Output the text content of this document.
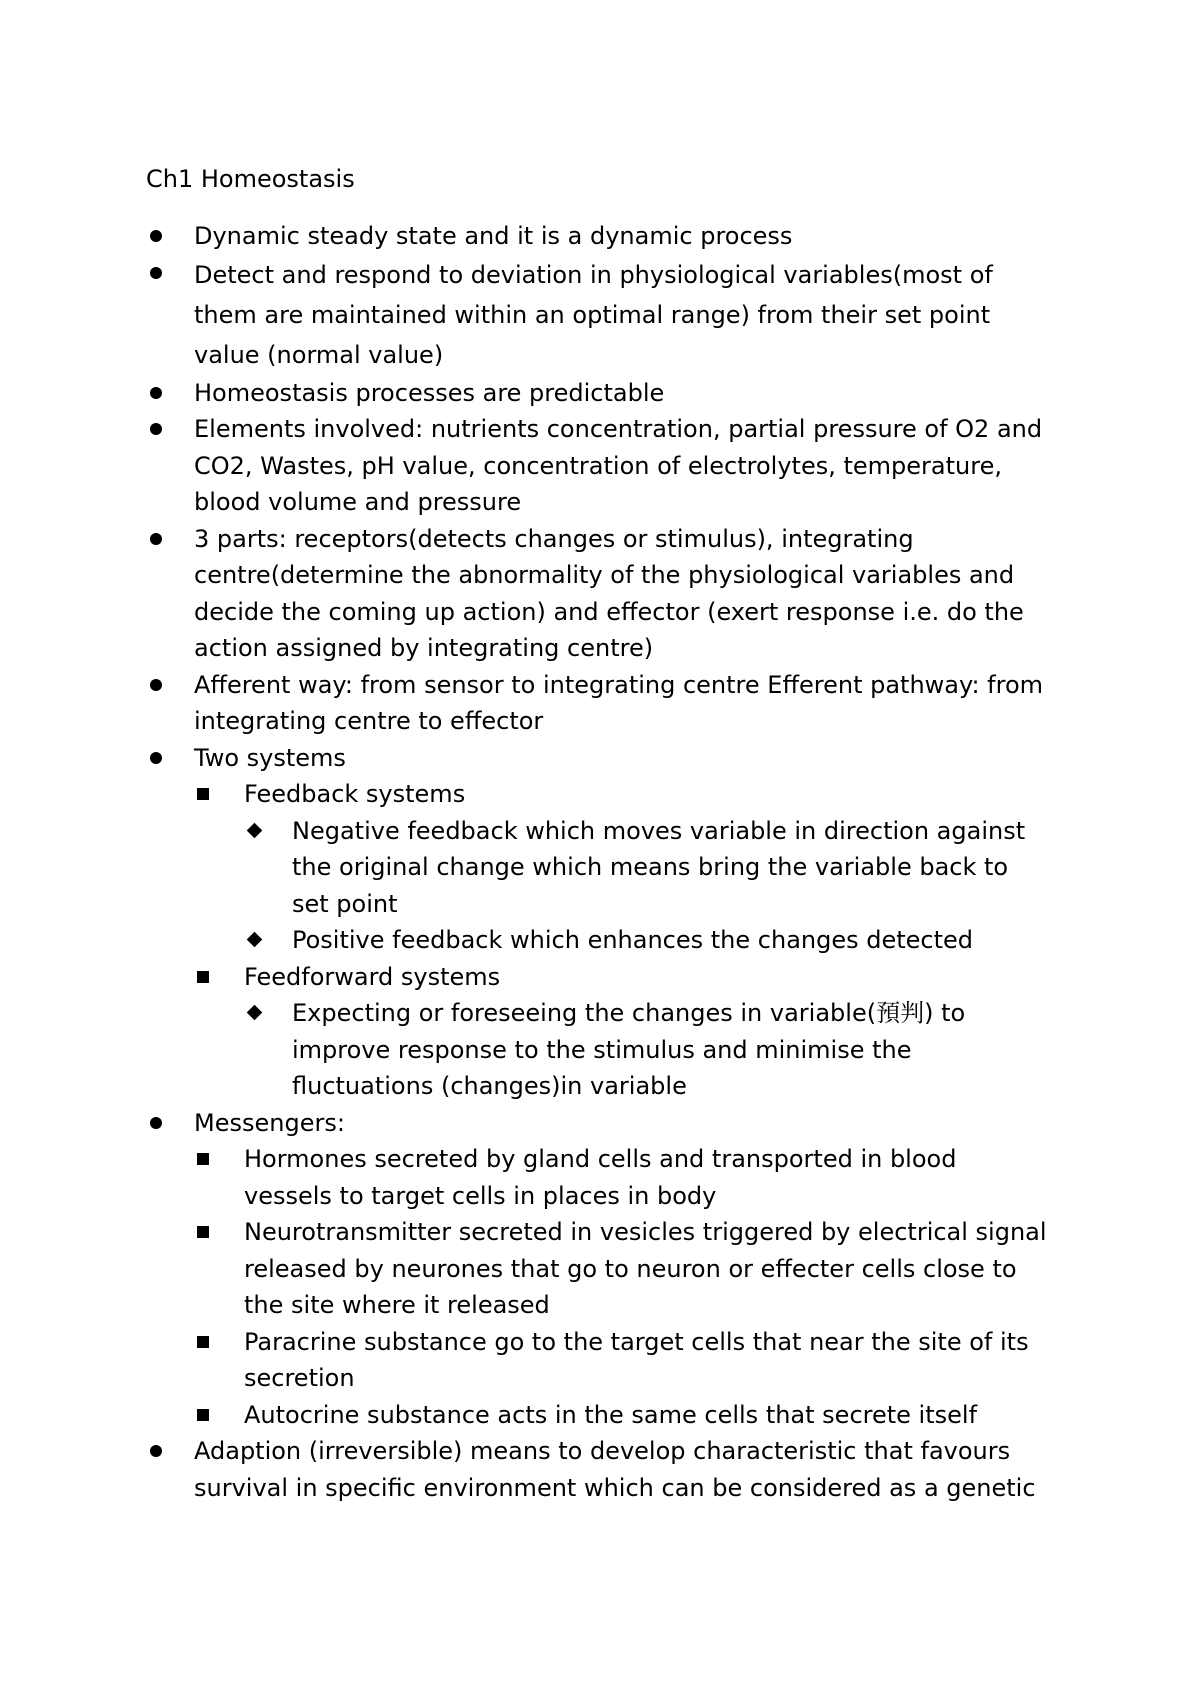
Ch1 Homeostasis
Dynamic steady state and it is a dynamic process
Detect and respond to deviation in physiological variables(most of
them are maintained within an optimal range) from their set point
value (normal value)
Homeostasis processes are predictable
Elements involved: nutrients concentration, partial pressure of O2 and
CO2, Wastes, pH value, concentration of electrolytes, temperature,
blood volume and pressure
3 parts: receptors(detects changes or stimulus), integrating
centre(determine the abnormality of the physiological variables and
decide the coming up action) and effector (exert response i.e. do the
action assigned by integrating centre)
Afferent way: from sensor to integrating centre Efferent pathway: from
integrating centre to effector
Two systems
Feedback systems
Negative feedback which moves variable in direction against
the original change which means bring the variable back to
set point
Positive feedback which enhances the changes detected
Feedforward systems
Expecting or foreseeing the changes in variable(預判) to
improve response to the stimulus and minimise the
fluctuations (changes)in variable
Messengers:
Hormones secreted by gland cells and transported in blood
vessels to target cells in places in body
Neurotransmitter secreted in vesicles triggered by electrical signal
released by neurones that go to neuron or effecter cells close to
the site where it released
Paracrine substance go to the target cells that near the site of its
secretion
Autocrine substance acts in the same cells that secrete itself
Adaption (irreversible) means to develop characteristic that favours
survival in specific environment which can be considered as a genetic
